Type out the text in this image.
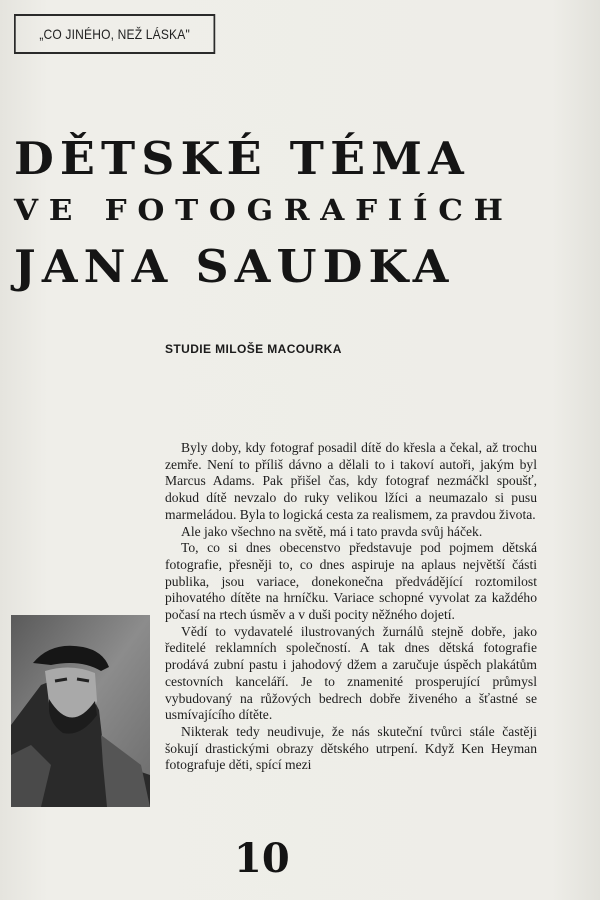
„CO JINÉHO, NEŽ LÁSKA"
DĚTSKÉ TÉMA
VE FOTOGRAFIÍCH
JANA SAUDKA
STUDIE MILOŠE MACOURKA

Byly doby, kdy fotograf posadil dítě do křesla a čekal, až trochu zemře. Není to příliš dávno a dělali to i takoví autoři, jakým byl Marcus Adams. Pak přišel čas, kdy fotograf nezmáčkl spoušť, dokud dítě nevzalo do ruky velikou lžíci a neumazalo si pusu marmeládou. Byla to logická cesta za realismem, za pravdou života.

Ale jako všechno na světě, má i tato pravda svůj háček.

To, co si dnes obecenstvo představuje pod pojmem dětská fotografie, přesněji to, co dnes aspiruje na aplaus největší části publika, jsou variace, donekonečna předvádějící roztomilost pihovatého dítěte na hrníčku. Variace schopné vyvolat za každého počasí na rtech úsměv a v duši pocity něžného dojetí.

Vědí to vydavatelé ilustrovaných žurnálů stejně dobře, jako ředitelé reklamních společností. A tak dnes dětská fotografie prodává zubní pastu i jahodový džem a zaručuje úspěch plakátům cestovních kanceláří. Je to znamenité prosperující průmysl vybudovaný na růžových bedrech dobře živeného a šťastné se usmívajícího dítěte.

Nikterak tedy neudivuje, že nás skuteční tvůrci stále častěji šokují drastickými obrazy dětského utrpení. Když Ken Heyman fotografuje děti, spící mezi

10
